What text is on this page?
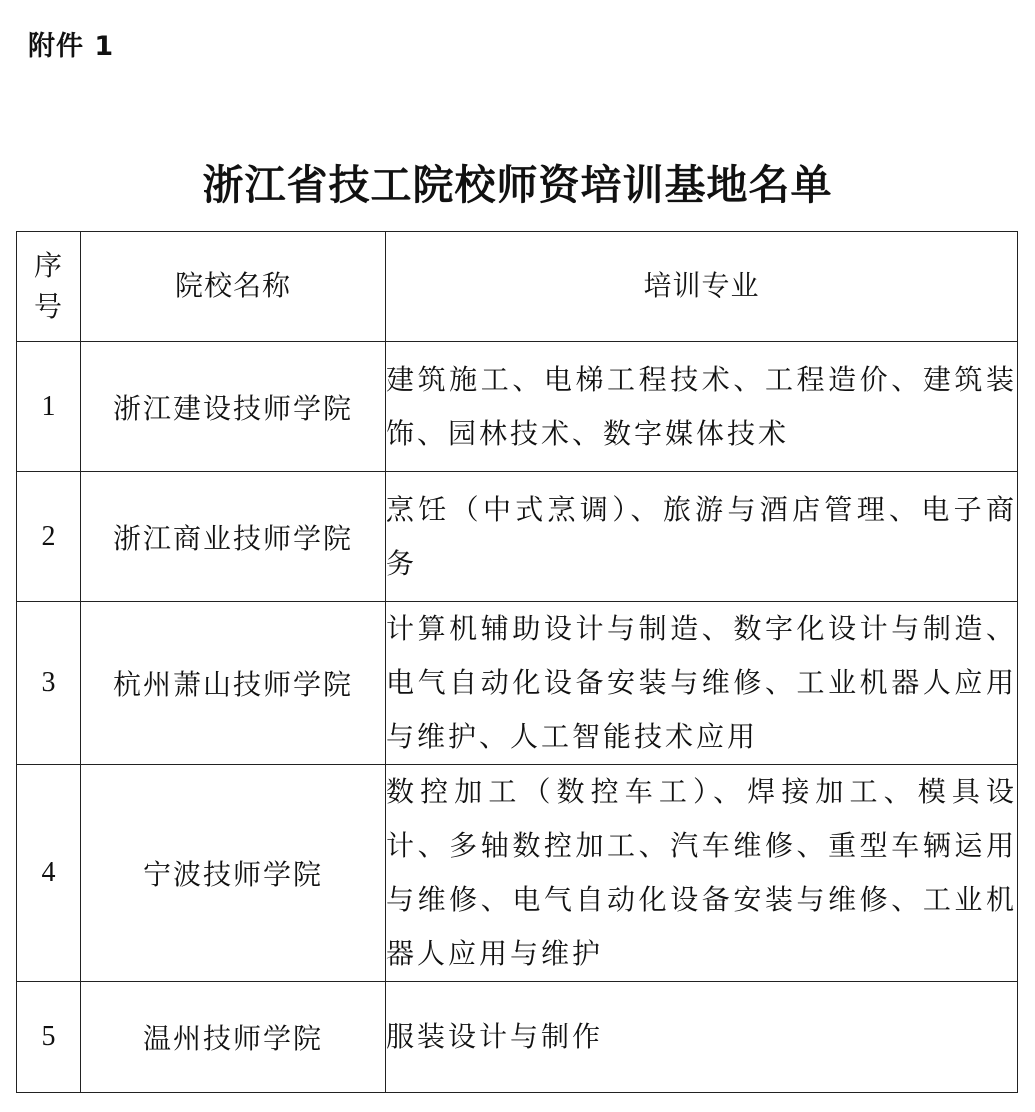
附件 1
浙江省技工院校师资培训基地名单
序号	院校名称	培训专业

1	浙江建设技师学院	建筑施工、电梯工程技术、工程造价、建筑装饰、园林技术、数字媒体技术
2	浙江商业技师学院	烹饪（中式烹调）、旅游与酒店管理、电子商务
3	杭州萧山技师学院	计算机辅助设计与制造、数字化设计与制造、电气自动化设备安装与维修、工业机器人应用与维护、人工智能技术应用
4	宁波技师学院	数控加工（数控车工）、焊接加工、模具设计、多轴数控加工、汽车维修、重型车辆运用与维修、电气自动化设备安装与维修、工业机器人应用与维护
5	温州技师学院	服装设计与制作
